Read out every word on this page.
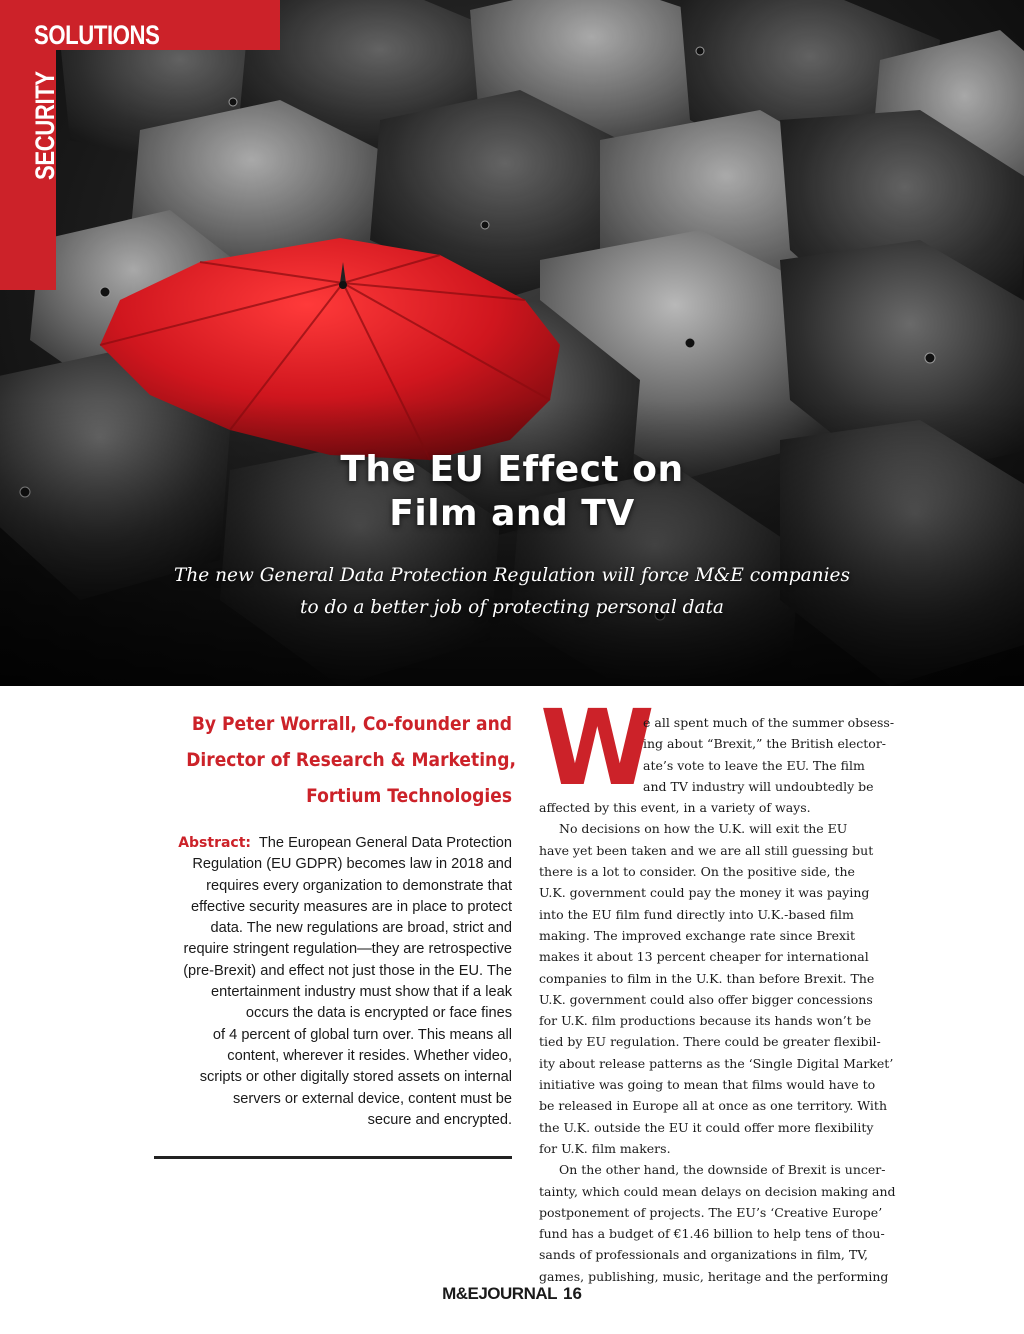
The EU Effect on
Film and TV
The new General Data Protection Regulation will force M&E companies
to do a better job of protecting personal data
SOLUTIONS
SECURITY
By Peter Worrall, Co-founder and
Director of Research & Marketing,
Fortium Technologies
Abstract: The European General Data Protection
Regulation (EU GDPR) becomes law in 2018 and
requires every organization to demonstrate that
effective security measures are in place to protect
data. The new regulations are broad, strict and
require stringent regulation—they are retrospective
(pre-Brexit) and effect not just those in the EU. The
entertainment industry must show that if a leak
occurs the data is encrypted or face fines
of 4 percent of global turn over. This means all
content, wherever it resides. Whether video,
scripts or other digitally stored assets on internal
servers or external device, content must be
secure and encrypted.
W
e all spent much of the summer obsess-
ing about “Brexit,” the British elector-
ate’s vote to leave the EU. The film
and TV industry will undoubtedly be
affected by this event, in a variety of ways.
No decisions on how the U.K. will exit the EU
have yet been taken and we are all still guessing but
there is a lot to consider. On the positive side, the
U.K. government could pay the money it was paying
into the EU film fund directly into U.K.-based film
making. The improved exchange rate since Brexit
makes it about 13 percent cheaper for international
companies to film in the U.K. than before Brexit. The
U.K. government could also offer bigger concessions
for U.K. film productions because its hands won’t be
tied by EU regulation. There could be greater flexibil-
ity about release patterns as the ‘Single Digital Market’
initiative was going to mean that films would have to
be released in Europe all at once as one territory. With
the U.K. outside the EU it could offer more flexibility
for U.K. film makers.
On the other hand, the downside of Brexit is uncer-
tainty, which could mean delays on decision making and
postponement of projects. The EU’s ‘Creative Europe’
fund has a budget of €1.46 billion to help tens of thou-
sands of professionals and organizations in film, TV,
games, publishing, music, heritage and the performing
M&EJOURNAL 16
